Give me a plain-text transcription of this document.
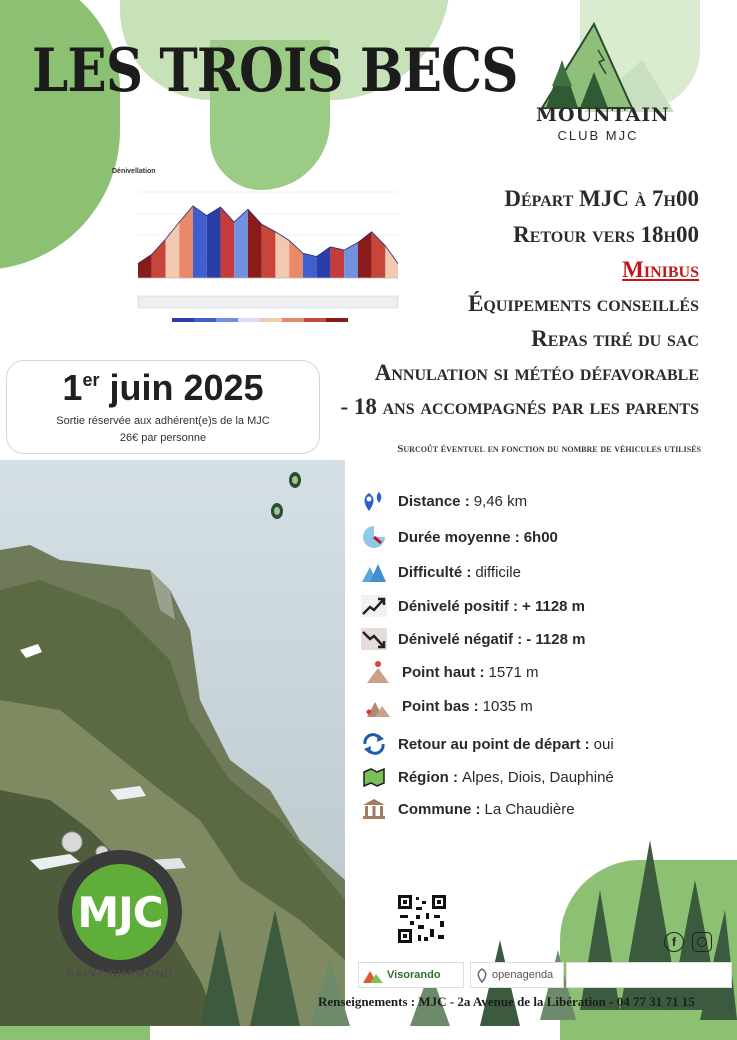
LES TROIS BECS
MOUNTAIN
CLUB MJC
Dénivellation
Départ MJC à 7h00
Retour vers 18h00
Minibus
Équipements conseillés
Repas tiré du sac
Annulation si météo défavorable
- 18 ans accompagnés par les parents
Surcoût éventuel en fonction du nombre de véhicules utilisés
1er juin 2025
Sortie réservée aux adhérent(e)s de la MJC
26€ par personne
Distance : 9,46 km
Durée moyenne : 6h00
Difficulté : difficile
Dénivelé positif : + 1128 m
Dénivelé négatif : - 1128 m
Point haut : 1571 m
Point bas : 1035 m
Retour au point de départ : oui
Région : Alpes, Diois, Dauphiné
Commune : La Chaudière
MJC
SAINT-CHAMOND
f
Visorando	openagenda
Renseignements : MJC - 2a Avenue de la Libération - 04 77 31 71 15
